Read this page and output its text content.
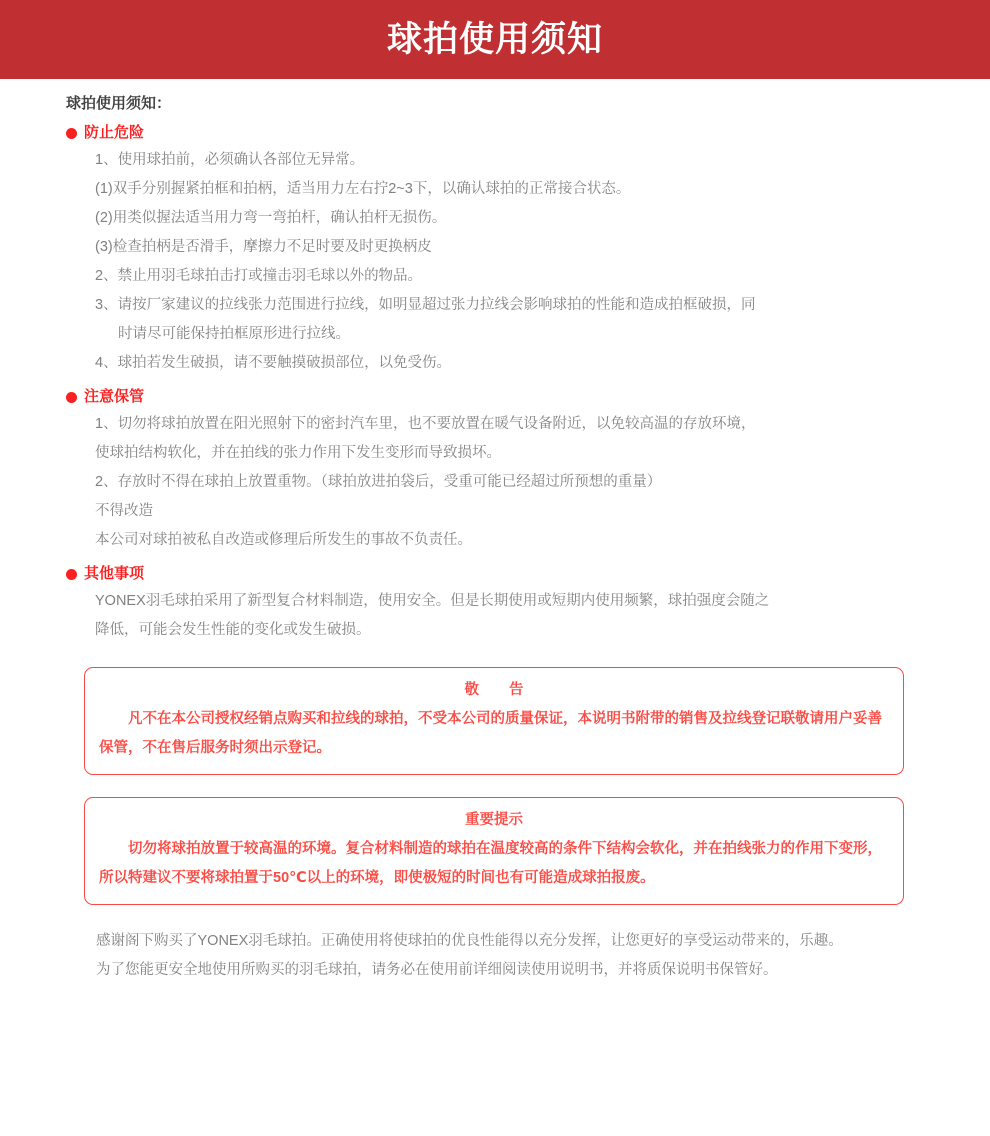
球拍使用须知

球拍使用须知：

防止危险

1、使用球拍前，必须确认各部位无异常。

(1)双手分别握紧拍框和拍柄，适当用力左右拧2~3下，以确认球拍的正常接合状态。

(2)用类似握法适当用力弯一弯拍杆，确认拍杆无损伤。

(3)检查拍柄是否滑手，摩擦力不足时要及时更换柄皮

2、禁止用羽毛球拍击打或撞击羽毛球以外的物品。

3、请按厂家建议的拉线张力范围进行拉线，如明显超过张力拉线会影响球拍的性能和造成拍框破损，同

时请尽可能保持拍框原形进行拉线。

4、球拍若发生破损，请不要触摸破损部位，以免受伤。

注意保管

1、切勿将球拍放置在阳光照射下的密封汽车里，也不要放置在暖气设备附近，以免较高温的存放环境，

使球拍结构软化，并在拍线的张力作用下发生变形而导致损坏。

2、存放时不得在球拍上放置重物。（球拍放进拍袋后，受重可能已经超过所预想的重量）

不得改造

本公司对球拍被私自改造或修理后所发生的事故不负责任。

其他事项

YONEX羽毛球拍采用了新型复合材料制造，使用安全。但是长期使用或短期内使用频繁，球拍强度会随之

降低，可能会发生性能的变化或发生破损。

敬 告
凡不在本公司授权经销点购买和拉线的球拍，不受本公司的质量保证，本说明书附带的销售及拉线登记联敬请用户妥善保管，不在售后服务时须出示登记。
重要提示
切勿将球拍放置于较高温的环境。复合材料制造的球拍在温度较高的条件下结构会软化，并在拍线张力的作用下变形，所以特建议不要将球拍置于50℃以上的环境，即使极短的时间也有可能造成球拍报废。

感谢阁下购买了YONEX羽毛球拍。正确使用将使球拍的优良性能得以充分发挥，让您更好的享受运动带来的，乐趣。

为了您能更安全地使用所购买的羽毛球拍，请务必在使用前详细阅读使用说明书，并将质保说明书保管好。
